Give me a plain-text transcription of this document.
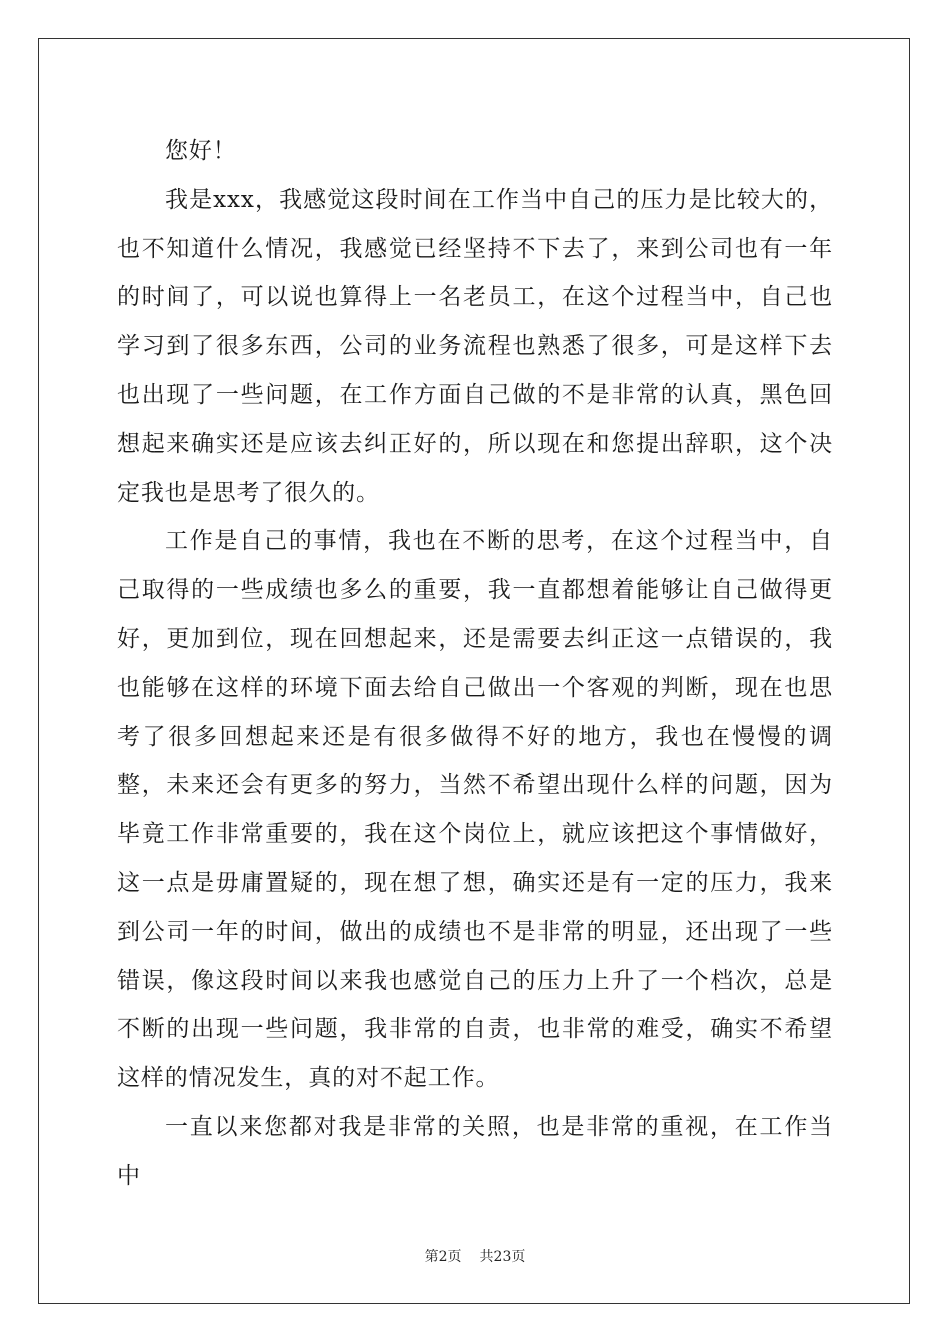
您好！

我是xxx，我感觉这段时间在工作当中自己的压力是比较大的，也不知道什么情况，我感觉已经坚持不下去了，来到公司也有一年的时间了，可以说也算得上一名老员工，在这个过程当中，自己也学习到了很多东西，公司的业务流程也熟悉了很多，可是这样下去也出现了一些问题，在工作方面自己做的不是非常的认真，黑色回想起来确实还是应该去纠正好的，所以现在和您提出辞职，这个决定我也是思考了很久的。

工作是自己的事情，我也在不断的思考，在这个过程当中，自己取得的一些成绩也多么的重要，我一直都想着能够让自己做得更好，更加到位，现在回想起来，还是需要去纠正这一点错误的，我也能够在这样的环境下面去给自己做出一个客观的判断，现在也思考了很多回想起来还是有很多做得不好的地方，我也在慢慢的调整，未来还会有更多的努力，当然不希望出现什么样的问题，因为毕竟工作非常重要的，我在这个岗位上，就应该把这个事情做好，这一点是毋庸置疑的，现在想了想，确实还是有一定的压力，我来到公司一年的时间，做出的成绩也不是非常的明显，还出现了一些错误，像这段时间以来我也感觉自己的压力上升了一个档次，总是不断的出现一些问题，我非常的自责，也非常的难受，确实不希望这样的情况发生，真的对不起工作。

一直以来您都对我是非常的关照，也是非常的重视，在工作当中

第2页 共23页
